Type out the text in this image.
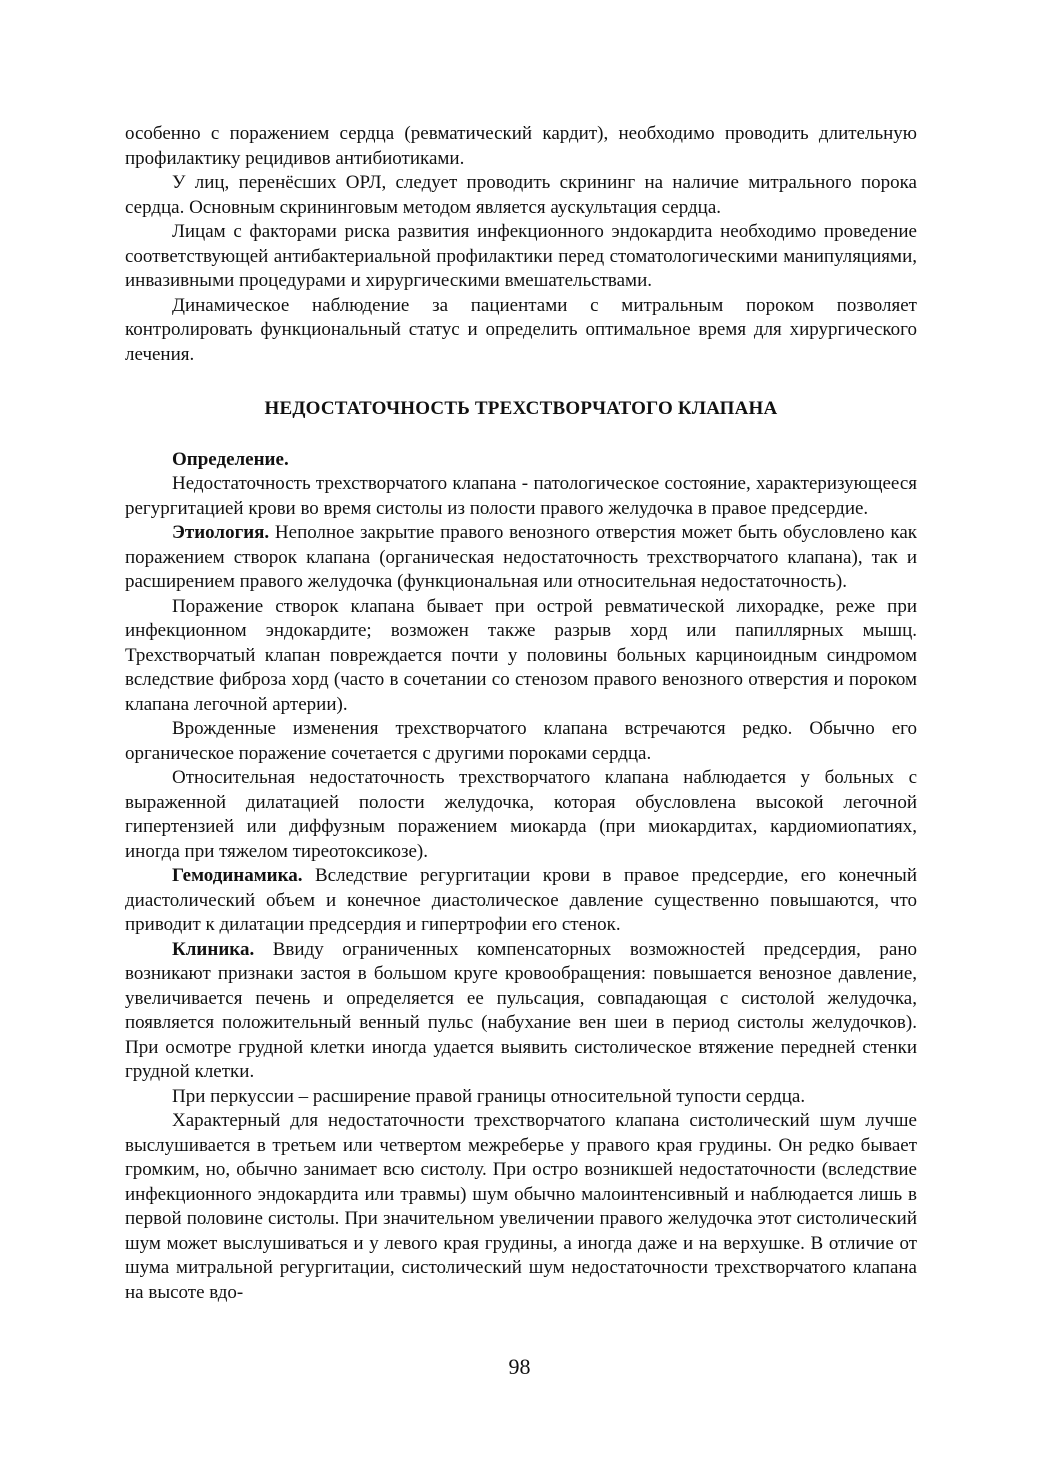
особенно с поражением сердца (ревматический кардит), необходимо проводить длительную профилактику рецидивов антибиотиками.

У лиц, перенёсших ОРЛ, следует проводить скрининг на наличие митрального порока сердца. Основным скрининговым методом является аускультация сердца.

Лицам с факторами риска развития инфекционного эндокардита необходимо проведение соответствующей антибактериальной профилактики перед стоматологическими манипуляциями, инвазивными процедурами и хирургическими вмешательствами.

Динамическое наблюдение за пациентами с митральным пороком позволяет контролировать функциональный статус и определить оптимальное время для хирургического лечения.

НЕДОСТАТОЧНОСТЬ ТРЕХСТВОРЧАТОГО КЛАПАНА

Определение.

Недостаточность трехстворчатого клапана - патологическое состояние, характеризующееся регургитацией крови во время систолы из полости правого желудочка в правое предсердие.

Этиология. Неполное закрытие правого венозного отверстия может быть обусловлено как поражением створок клапана (органическая недостаточность трехстворчатого клапана), так и расширением правого желудочка (функциональная или относительная недостаточность).

Поражение створок клапана бывает при острой ревматической лихорадке, реже при инфекционном эндокардите; возможен также разрыв хорд или папиллярных мышц. Трехстворчатый клапан повреждается почти у половины больных карциноидным синдромом вследствие фиброза хорд (часто в сочетании со стенозом правого венозного отверстия и пороком клапана легочной артерии).

Врожденные изменения трехстворчатого клапана встречаются редко. Обычно его органическое поражение сочетается с другими пороками сердца.

Относительная недостаточность трехстворчатого клапана наблюдается у больных с выраженной дилатацией полости желудочка, которая обусловлена высокой легочной гипертензией или диффузным поражением миокарда (при миокардитах, кардиомиопатиях, иногда при тяжелом тиреотоксикозе).

Гемодинамика. Вследствие регургитации крови в правое предсердие, его конечный диастолический объем и конечное диастолическое давление существенно повышаются, что приводит к дилатации предсердия и гипертрофии его стенок.

Клиника. Ввиду ограниченных компенсаторных возможностей предсердия, рано возникают признаки застоя в большом круге кровообращения: повышается венозное давление, увеличивается печень и определяется ее пульсация, совпадающая с систолой желудочка, появляется положительный венный пульс (набухание вен шеи в период систолы желудочков). При осмотре грудной клетки иногда удается выявить систолическое втяжение передней стенки грудной клетки.

При перкуссии – расширение правой границы относительной тупости сердца.

Характерный для недостаточности трехстворчатого клапана систолический шум лучше выслушивается в третьем или четвертом межреберье у правого края грудины. Он редко бывает громким, но, обычно занимает всю систолу. При остро возникшей недостаточности (вследствие инфекционного эндокардита или травмы) шум обычно малоинтенсивный и наблюдается лишь в первой половине систолы. При значительном увеличении правого желудочка этот систолический шум может выслушиваться и у левого края грудины, а иногда даже и на верхушке. В отличие от шума митральной регургитации, систолический шум недостаточности трехстворчатого клапана на высоте вдо-

98
